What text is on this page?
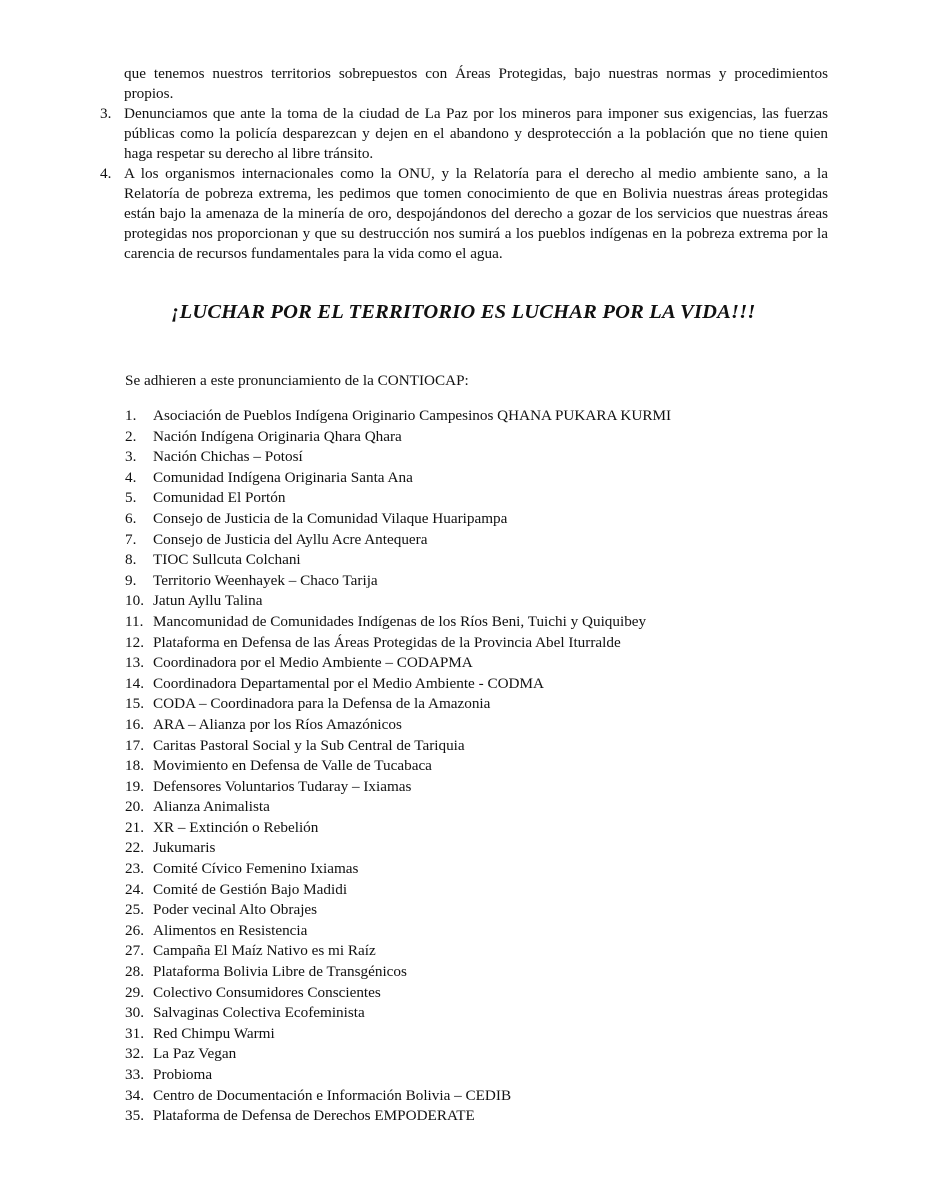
que tenemos nuestros territorios sobrepuestos con Áreas Protegidas, bajo nuestras normas y procedimientos propios.
3. Denunciamos que ante la toma de la ciudad de La Paz por los mineros para imponer sus exigencias, las fuerzas públicas como la policía desparezcan y dejen en el abandono y desprotección a la población que no tiene quien haga respetar su derecho al libre tránsito.
4. A los organismos internacionales como la ONU, y la Relatoría para el derecho al medio ambiente sano, a la Relatoría de pobreza extrema, les pedimos que tomen conocimiento de que en Bolivia nuestras áreas protegidas están bajo la amenaza de la minería de oro, despojándonos del derecho a gozar de los servicios que nuestras áreas protegidas nos proporcionan y que su destrucción nos sumirá a los pueblos indígenas en la pobreza extrema por la carencia de recursos fundamentales para la vida como el agua.
¡LUCHAR POR EL TERRITORIO ES LUCHAR POR LA VIDA!!!
Se adhieren a este pronunciamiento de la CONTIOCAP:
1. Asociación de Pueblos Indígena Originario Campesinos QHANA PUKARA KURMI
2. Nación Indígena Originaria Qhara Qhara
3. Nación Chichas – Potosí
4. Comunidad Indígena Originaria Santa Ana
5. Comunidad El Portón
6. Consejo de Justicia de la Comunidad Vilaque Huaripampa
7. Consejo de Justicia del Ayllu Acre Antequera
8. TIOC Sullcuta Colchani
9. Territorio Weenhayek – Chaco Tarija
10. Jatun Ayllu Talina
11. Mancomunidad de Comunidades Indígenas de los Ríos Beni, Tuichi y Quiquibey
12. Plataforma en Defensa de las Áreas Protegidas de la Provincia Abel Iturralde
13. Coordinadora por el Medio Ambiente – CODAPMA
14. Coordinadora Departamental por el Medio Ambiente - CODMA
15. CODA – Coordinadora para la Defensa de la Amazonia
16. ARA – Alianza por los Ríos Amazónicos
17. Caritas Pastoral Social y la Sub Central de Tariquia
18. Movimiento en Defensa de Valle de Tucabaca
19. Defensores Voluntarios Tudaray – Ixiamas
20. Alianza Animalista
21. XR – Extinción o Rebelión
22. Jukumaris
23. Comité Cívico Femenino Ixiamas
24. Comité de Gestión Bajo Madidi
25. Poder vecinal Alto Obrajes
26. Alimentos en Resistencia
27. Campaña El Maíz Nativo es mi Raíz
28. Plataforma Bolivia Libre de Transgénicos
29. Colectivo Consumidores Conscientes
30. Salvaginas Colectiva Ecofeminista
31. Red Chimpu Warmi
32. La Paz Vegan
33. Probioma
34. Centro de Documentación e Información Bolivia – CEDIB
35. Plataforma de Defensa de Derechos EMPODERATE
